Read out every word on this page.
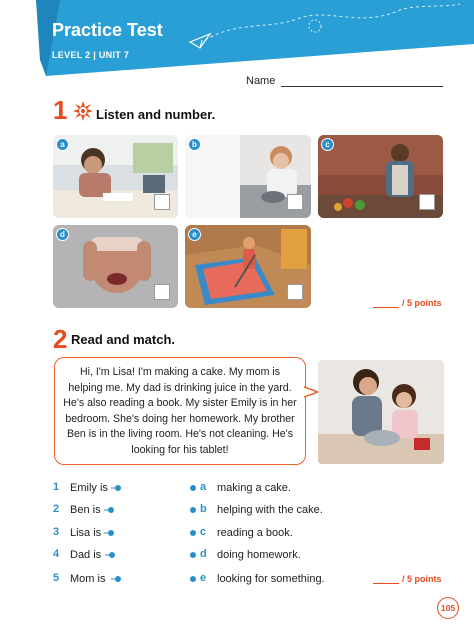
Practice Test
LEVEL 2 | UNIT 7
Name
1 Listen and number.
a	b	c
d	e
/ 5 points
2 Read and match.
Hi, I'm Lisa! I'm making a cake. My mom is helping me. My dad is drinking juice in the yard. He's also reading a book. My sister Emily is in her bedroom. She's doing her homework. My brother Ben is in the living room. He's not cleaning. He's looking for his tablet!
1 Emily is	a making a cake.
2 Ben is	b helping with the cake.
3 Lisa is	c reading a book.
4 Dad is	d doing homework.
5 Mom is	e looking for something.	/ 5 points
105
